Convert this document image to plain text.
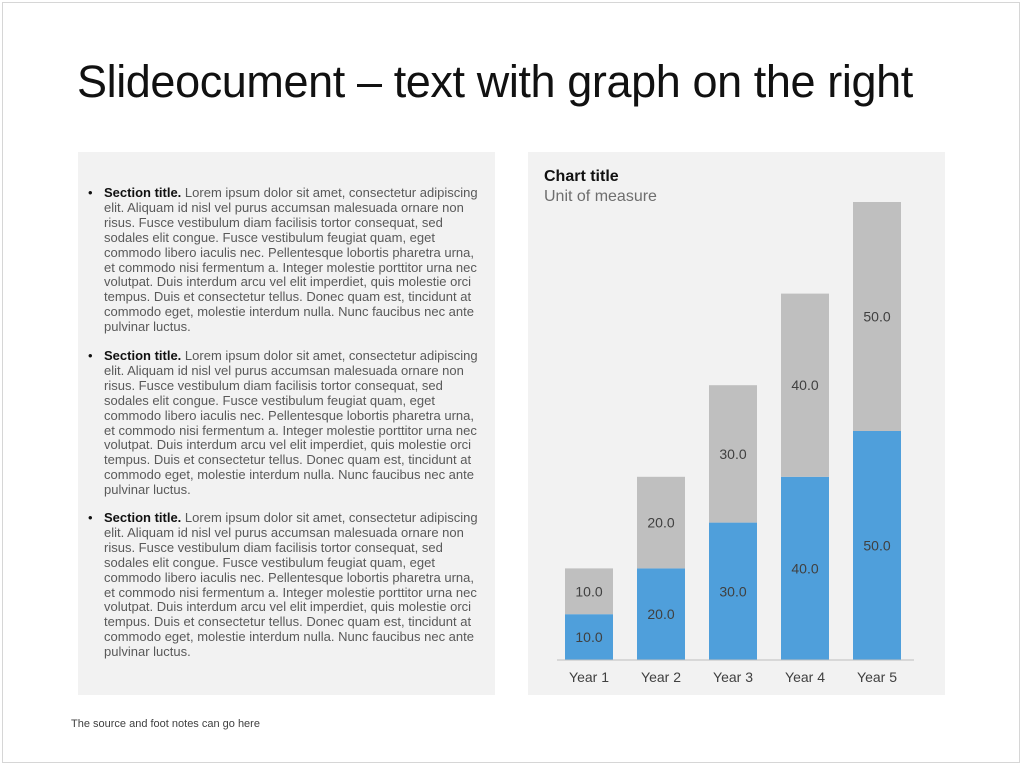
Slideocument – text with graph on the right
• Section title. Lorem ipsum dolor sit amet, consectetur adipiscing elit. Aliquam id nisl vel purus accumsan malesuada ornare non risus. Fusce vestibulum diam facilisis tortor consequat, sed sodales elit congue. Fusce vestibulum feugiat quam, eget commodo libero iaculis nec. Pellentesque lobortis pharetra urna, et commodo nisi fermentum a. Integer molestie porttitor urna nec volutpat. Duis interdum arcu vel elit imperdiet, quis molestie orci tempus. Duis et consectetur tellus. Donec quam est, tincidunt at commodo eget, molestie interdum nulla. Nunc faucibus nec ante pulvinar luctus.
• Section title. Lorem ipsum dolor sit amet, consectetur adipiscing elit. Aliquam id nisl vel purus accumsan malesuada ornare non risus. Fusce vestibulum diam facilisis tortor consequat, sed sodales elit congue. Fusce vestibulum feugiat quam, eget commodo libero iaculis nec. Pellentesque lobortis pharetra urna, et commodo nisi fermentum a. Integer molestie porttitor urna nec volutpat. Duis interdum arcu vel elit imperdiet, quis molestie orci tempus. Duis et consectetur tellus. Donec quam est, tincidunt at commodo eget, molestie interdum nulla. Nunc faucibus nec ante pulvinar luctus.
• Section title. Lorem ipsum dolor sit amet, consectetur adipiscing elit. Aliquam id nisl vel purus accumsan malesuada ornare non risus. Fusce vestibulum diam facilisis tortor consequat, sed sodales elit congue. Fusce vestibulum feugiat quam, eget commodo libero iaculis nec. Pellentesque lobortis pharetra urna, et commodo nisi fermentum a. Integer molestie porttitor urna nec volutpat. Duis interdum arcu vel elit imperdiet, quis molestie orci tempus. Duis et consectetur tellus. Donec quam est, tincidunt at commodo eget, molestie interdum nulla. Nunc faucibus nec ante pulvinar luctus.
Chart title
Unit of measure
10.0
10.0
Year 1
20.0
20.0
Year 2
30.0
30.0
Year 3
40.0
40.0
Year 4
50.0
50.0
Year 5
The source and foot notes can go here
